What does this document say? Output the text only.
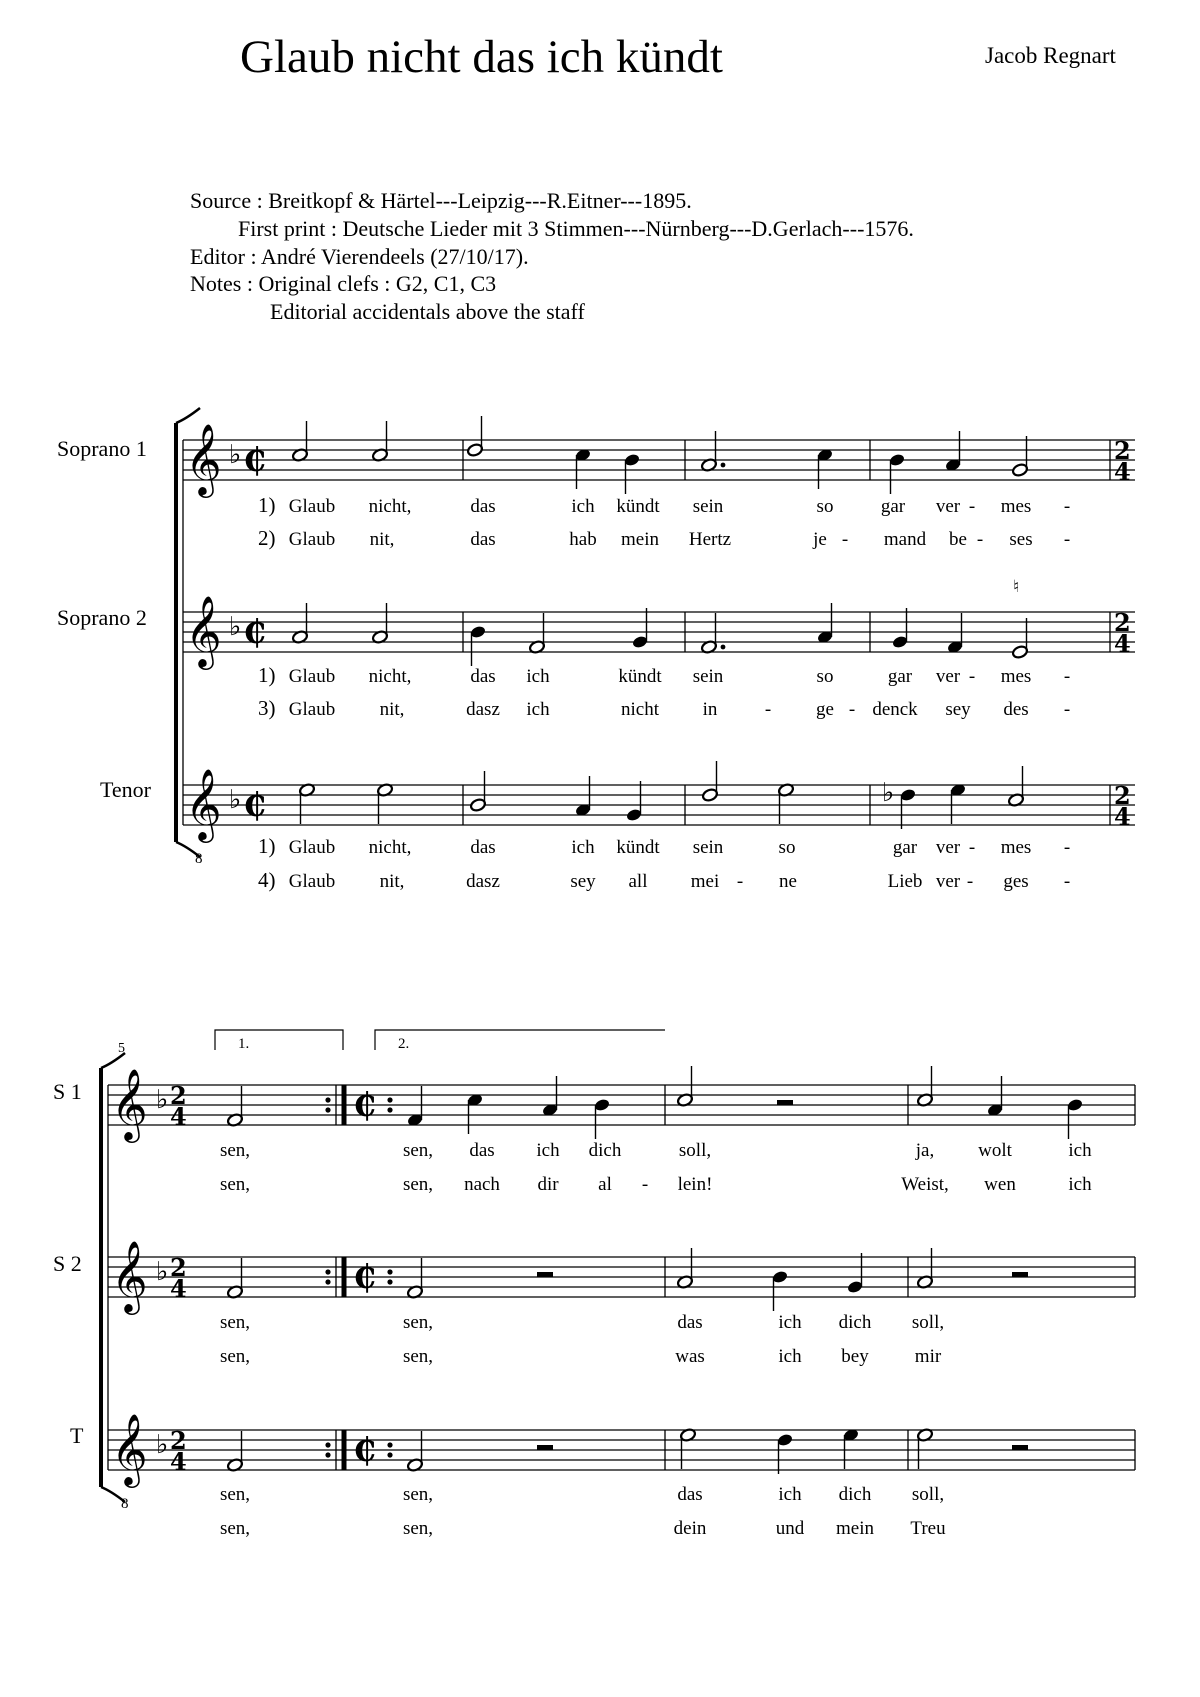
Glaub nicht das ich kündt	Jacob Regnart
Source : Breitkopf & Härtel---Leipzig---R.Eitner---1895.
First print : Deutsche Lieder mit 3 Stimmen---Nürnberg---D.Gerlach---1576.
Editor : André Vierendeels (27/10/17).
Notes : Original clefs : G2, C1, C3
Editorial accidentals above the staff
Soprano 1
Soprano 2
Tenor
S 1
S 2
T
𝄞 ♭ ₵	2
4
𝄞 ♭ ₵	2
4
𝄞
8
♭ ₵	2
4
♮
♭
𝄞 ♭ 2
4	₵
𝄞 ♭ 2
4	₵
𝄞
8
♭ 2
4	₵
5	1.	2.
1)
2)
Glaub nicht,	das	ich kündt sein	so gar ver - mes -
Glaub nit,	das	hab mein Hertz	je - mand be - ses -
1)
3)
Glaub nicht,	das ich	kündt sein	so	gar ver - mes -
Glaub nit,	dasz ich	nicht in - ge - denck sey des -
1)
4)
Glaub nicht,	das	ich kündt sein	so	gar ver - mes -
Glaub nit,	dasz	sey all mei - ne	Lieb ver - ges -
sen,	sen, das ich dich	soll,	ja, wolt	ich
sen,	sen, nach dir al - lein!	Weist, wen	ich
sen,	sen,	das	ich dich soll,
sen,	sen,	was	ich bey mir
sen,	sen,	das	ich dich soll,
sen,	sen,	dein	und mein Treu
